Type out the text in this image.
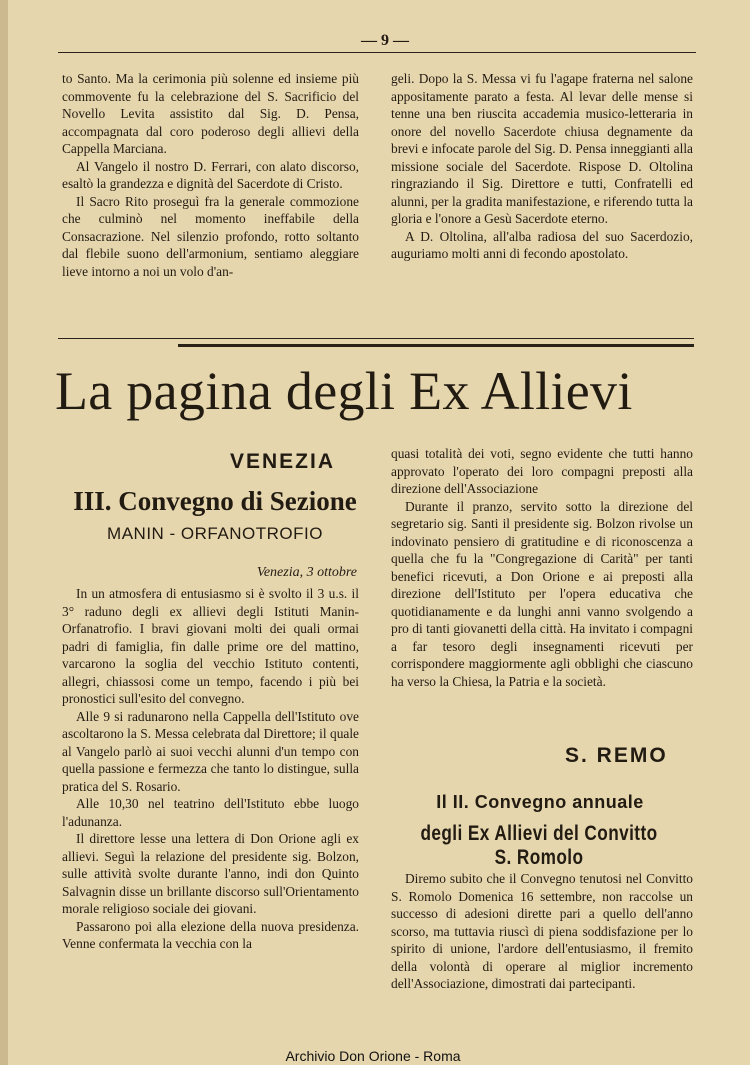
— 9 —

to Santo. Ma la cerimonia più solenne ed insieme più commovente fu la celebrazione del S. Sacrificio del Novello Levita assistito dal Sig. D. Pensa, accompagnata dal coro poderoso degli allievi della Cappella Marciana.

Al Vangelo il nostro D. Ferrari, con alato discorso, esaltò la grandezza e dignità del Sacerdote di Cristo.

Il Sacro Rito proseguì fra la generale commozione che culminò nel momento ineffabile della Consacrazione. Nel silenzio profondo, rotto soltanto dal flebile suono dell'armonium, sentiamo aleggiare lieve intorno a noi un volo d'an-

geli. Dopo la S. Messa vi fu l'agape fraterna nel salone appositamente parato a festa. Al levar delle mense si tenne una ben riuscita accademia musico-letteraria in onore del novello Sacerdote chiusa degnamente da brevi e infocate parole del Sig. D. Pensa inneggianti alla missione sociale del Sacerdote. Rispose D. Oltolina ringraziando il Sig. Direttore e tutti, Confratelli ed alunni, per la gradita manifestazione, e riferendo tutta la gloria e l'onore a Gesù Sacerdote eterno.

A D. Oltolina, all'alba radiosa del suo Sacerdozio, auguriamo molti anni di fecondo apostolato.

La pagina degli Ex Allievi
VENEZIA
III. Convegno di Sezione
MANIN - ORFANOTROFIO
Venezia, 3 ottobre

In un atmosfera di entusiasmo si è svolto il 3 u.s. il 3° raduno degli ex allievi degli Istituti Manin-Orfanatrofio. I bravi giovani molti dei quali ormai padri di famiglia, fin dalle prime ore del mattino, varcarono la soglia del vecchio Istituto contenti, allegri, chiassosi come un tempo, facendo i più bei pronostici sull'esito del convegno.

Alle 9 si radunarono nella Cappella dell'Istituto ove ascoltarono la S. Messa celebrata dal Direttore; il quale al Vangelo parlò ai suoi vecchi alunni d'un tempo con quella passione e fermezza che tanto lo distingue, sulla pratica del S. Rosario.

Alle 10,30 nel teatrino dell'Istituto ebbe luogo l'adunanza.

Il direttore lesse una lettera di Don Orione agli ex allievi. Seguì la relazione del presidente sig. Bolzon, sulle attività svolte durante l'anno, indi don Quinto Salvagnin disse un brillante discorso sull'Orientamento morale religioso sociale dei giovani.

Passarono poi alla elezione della nuova presidenza. Venne confermata la vecchia con la

quasi totalità dei voti, segno evidente che tutti hanno approvato l'operato dei loro compagni preposti alla direzione dell'Associazione

Durante il pranzo, servito sotto la direzione del segretario sig. Santi il presidente sig. Bolzon rivolse un indovinato pensiero di gratitudine e di riconoscenza a quella che fu la "Congregazione di Carità" per tanti benefici ricevuti, a Don Orione e ai preposti alla direzione dell'Istituto per l'opera educativa che quotidianamente e da lunghi anni vanno svolgendo a pro di tanti giovanetti della città. Ha invitato i compagni a far tesoro degli insegnamenti ricevuti per corrispondere maggiormente agli obblighi che ciascuno ha verso la Chiesa, la Patria e la società.

S. REMO
Il II. Convegno annuale
degli Ex Allievi del Convitto S. Romolo

Diremo subito che il Convegno tenutosi nel Convitto S. Romolo Domenica 16 settembre, non raccolse un successo di adesioni dirette pari a quello dell'anno scorso, ma tuttavia riuscì di piena soddisfazione per lo spirito di unione, l'ardore dell'entusiasmo, il fremito della volontà di operare al miglior incremento dell'Associazione, dimostrati dai partecipanti.

Archivio Don Orione - Roma
